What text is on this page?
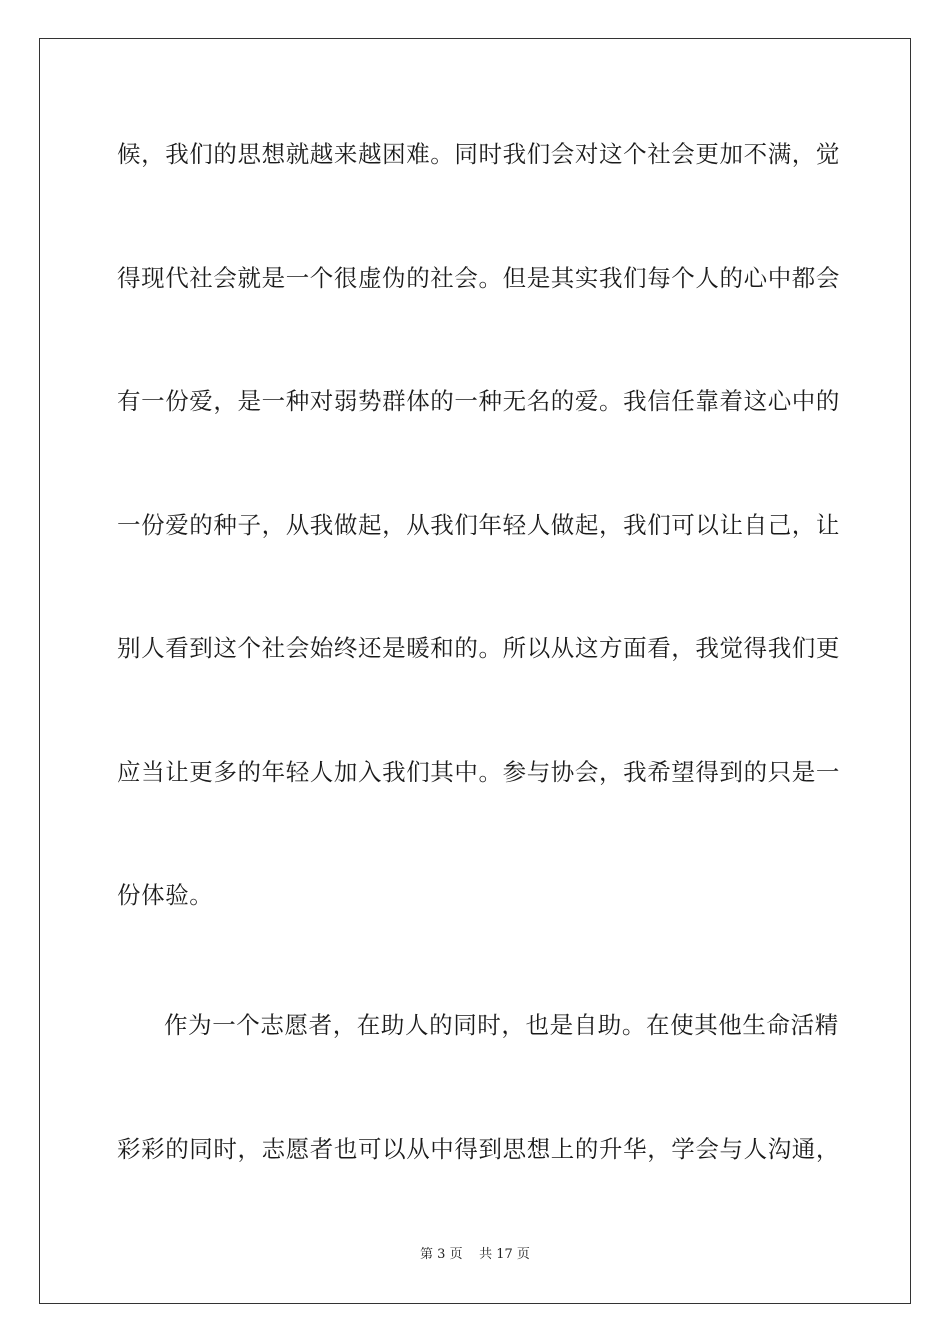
候，我们的思想就越来越困难。同时我们会对这个社会更加不满，觉
得现代社会就是一个很虚伪的社会。但是其实我们每个人的心中都会
有一份爱，是一种对弱势群体的一种无名的爱。我信任靠着这心中的
一份爱的种子，从我做起，从我们年轻人做起，我们可以让自己，让
别人看到这个社会始终还是暖和的。所以从这方面看，我觉得我们更
应当让更多的年轻人加入我们其中。参与协会，我希望得到的只是一
份体验。
作为一个志愿者，在助人的同时，也是自助。在使其他生命活精
彩彩的同时，志愿者也可以从中得到思想上的升华，学会与人沟通，
第 3 页 共 17 页
